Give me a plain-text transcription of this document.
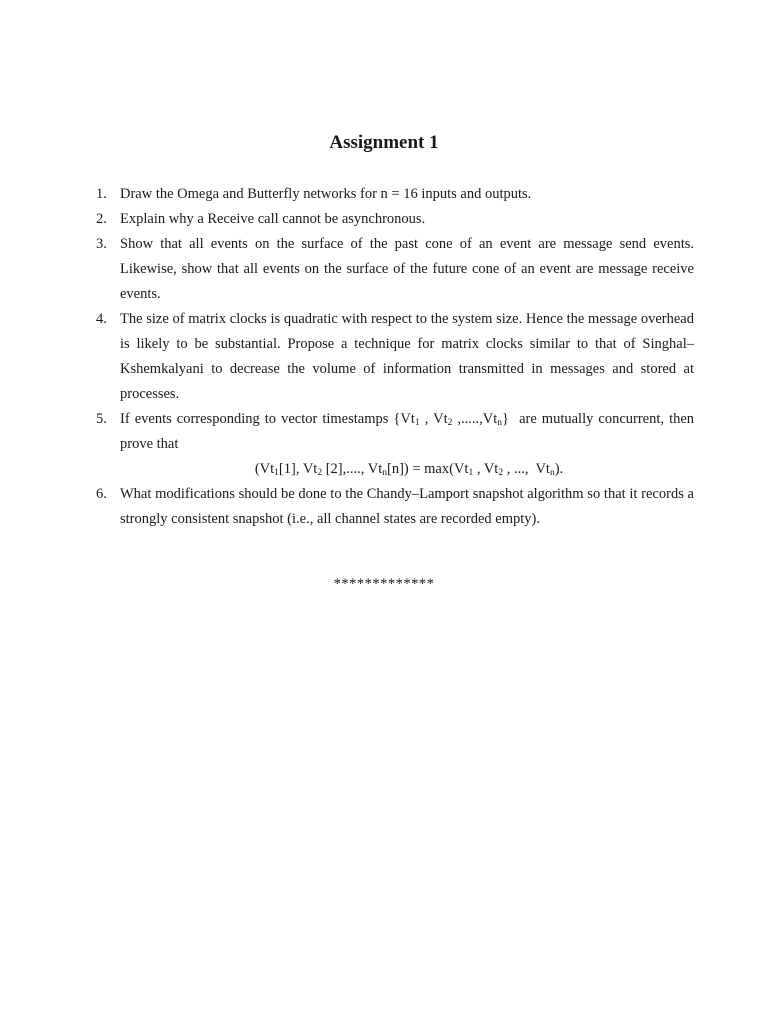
Assignment 1
1. Draw the Omega and Butterfly networks for n = 16 inputs and outputs.
2. Explain why a Receive call cannot be asynchronous.
3. Show that all events on the surface of the past cone of an event are message send events. Likewise, show that all events on the surface of the future cone of an event are message receive events.
4. The size of matrix clocks is quadratic with respect to the system size. Hence the message overhead is likely to be substantial. Propose a technique for matrix clocks similar to that of Singhal–Kshemkalyani to decrease the volume of information transmitted in messages and stored at processes.
5. If events corresponding to vector timestamps {$Vt_1$ , $Vt_2$ $,.....,Vt_n$}  are mutually concurrent, then prove that
($Vt_1[1]$, $Vt_2$ [2],...., $Vt_n[n]) = \max(Vt_1$ , $Vt_2$ , ...,  $Vt_n$).
6. What modifications should be done to the Chandy–Lamport snapshot algorithm so that it records a strongly consistent snapshot (i.e., all channel states are recorded empty).
*************
